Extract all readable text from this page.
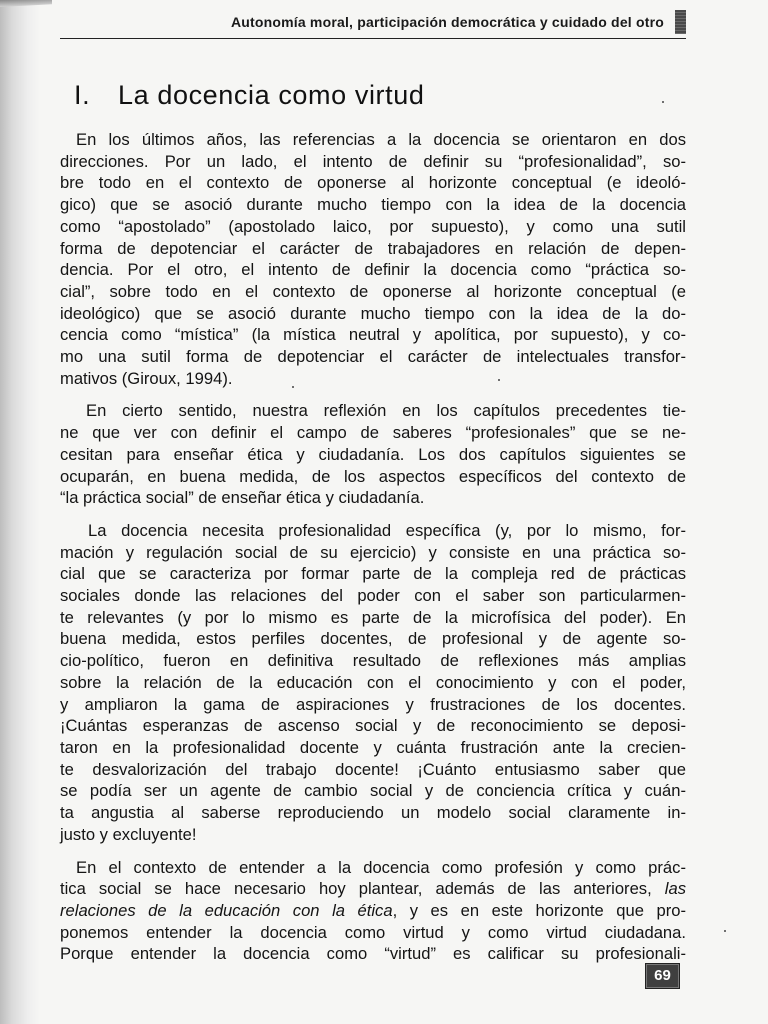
Autonomía moral, participación democrática y cuidado del otro
I. La docencia como virtud

En los últimos años, las referencias a la docencia se orientaron en dos
direcciones. Por un lado, el intento de definir su “profesionalidad”, so-
bre todo en el contexto de oponerse al horizonte conceptual (e ideoló-
gico) que se asoció durante mucho tiempo con la idea de la docencia
como “apostolado” (apostolado laico, por supuesto), y como una sutil
forma de depotenciar el carácter de trabajadores en relación de depen-
dencia. Por el otro, el intento de definir la docencia como “práctica so-
cial”, sobre todo en el contexto de oponerse al horizonte conceptual (e
ideológico) que se asoció durante mucho tiempo con la idea de la do-
cencia como “mística” (la mística neutral y apolítica, por supuesto), y co-
mo una sutil forma de depotenciar el carácter de intelectuales transfor-
mativos (Giroux, 1994).

En cierto sentido, nuestra reflexión en los capítulos precedentes tie-
ne que ver con definir el campo de saberes “profesionales” que se ne-
cesitan para enseñar ética y ciudadanía. Los dos capítulos siguientes se
ocuparán, en buena medida, de los aspectos específicos del contexto de
“la práctica social” de enseñar ética y ciudadanía.

La docencia necesita profesionalidad específica (y, por lo mismo, for-
mación y regulación social de su ejercicio) y consiste en una práctica so-
cial que se caracteriza por formar parte de la compleja red de prácticas
sociales donde las relaciones del poder con el saber son particularmen-
te relevantes (y por lo mismo es parte de la microfísica del poder). En
buena medida, estos perfiles docentes, de profesional y de agente so-
cio-político, fueron en definitiva resultado de reflexiones más amplias
sobre la relación de la educación con el conocimiento y con el poder,
y ampliaron la gama de aspiraciones y frustraciones de los docentes.
¡Cuántas esperanzas de ascenso social y de reconocimiento se deposi-
taron en la profesionalidad docente y cuánta frustración ante la crecien-
te desvalorización del trabajo docente! ¡Cuánto entusiasmo saber que
se podía ser un agente de cambio social y de conciencia crítica y cuán-
ta angustia al saberse reproduciendo un modelo social claramente in-
justo y excluyente!

En el contexto de entender a la docencia como profesión y como prác-
tica social se hace necesario hoy plantear, además de las anteriores, las
relaciones de la educación con la ética, y es en este horizonte que pro-
ponemos entender la docencia como virtud y como virtud ciudadana.
Porque entender la docencia como “virtud” es calificar su profesionali-

69
